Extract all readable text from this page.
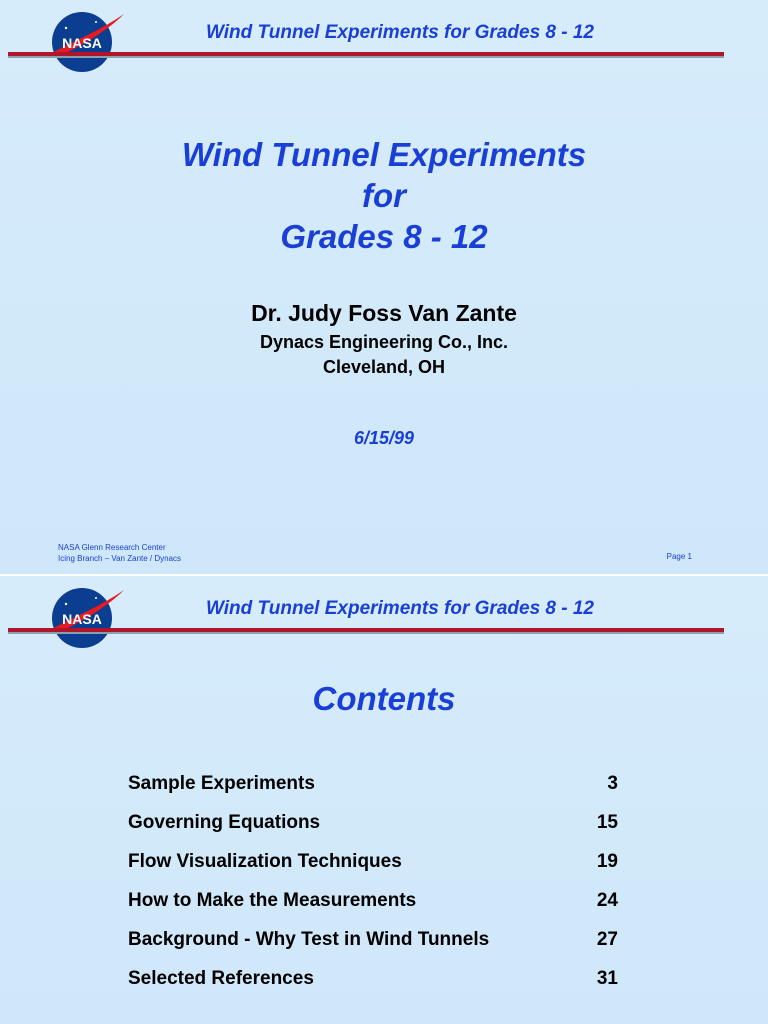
NASA	Wind Tunnel Experiments for Grades 8 - 12
Wind Tunnel Experiments
for
Grades 8 - 12
Dr. Judy Foss Van Zante
Dynacs Engineering Co., Inc.
Cleveland, OH
6/15/99
NASA Glenn Research Center
Icing Branch – Van Zante / Dynacs	Page 1
NASA	Wind Tunnel Experiments for Grades 8 - 12
Contents
Sample Experiments	3
Governing Equations	15
Flow Visualization Techniques	19
How to Make the Measurements	24
Background - Why Test in Wind Tunnels	27
Selected References	31
